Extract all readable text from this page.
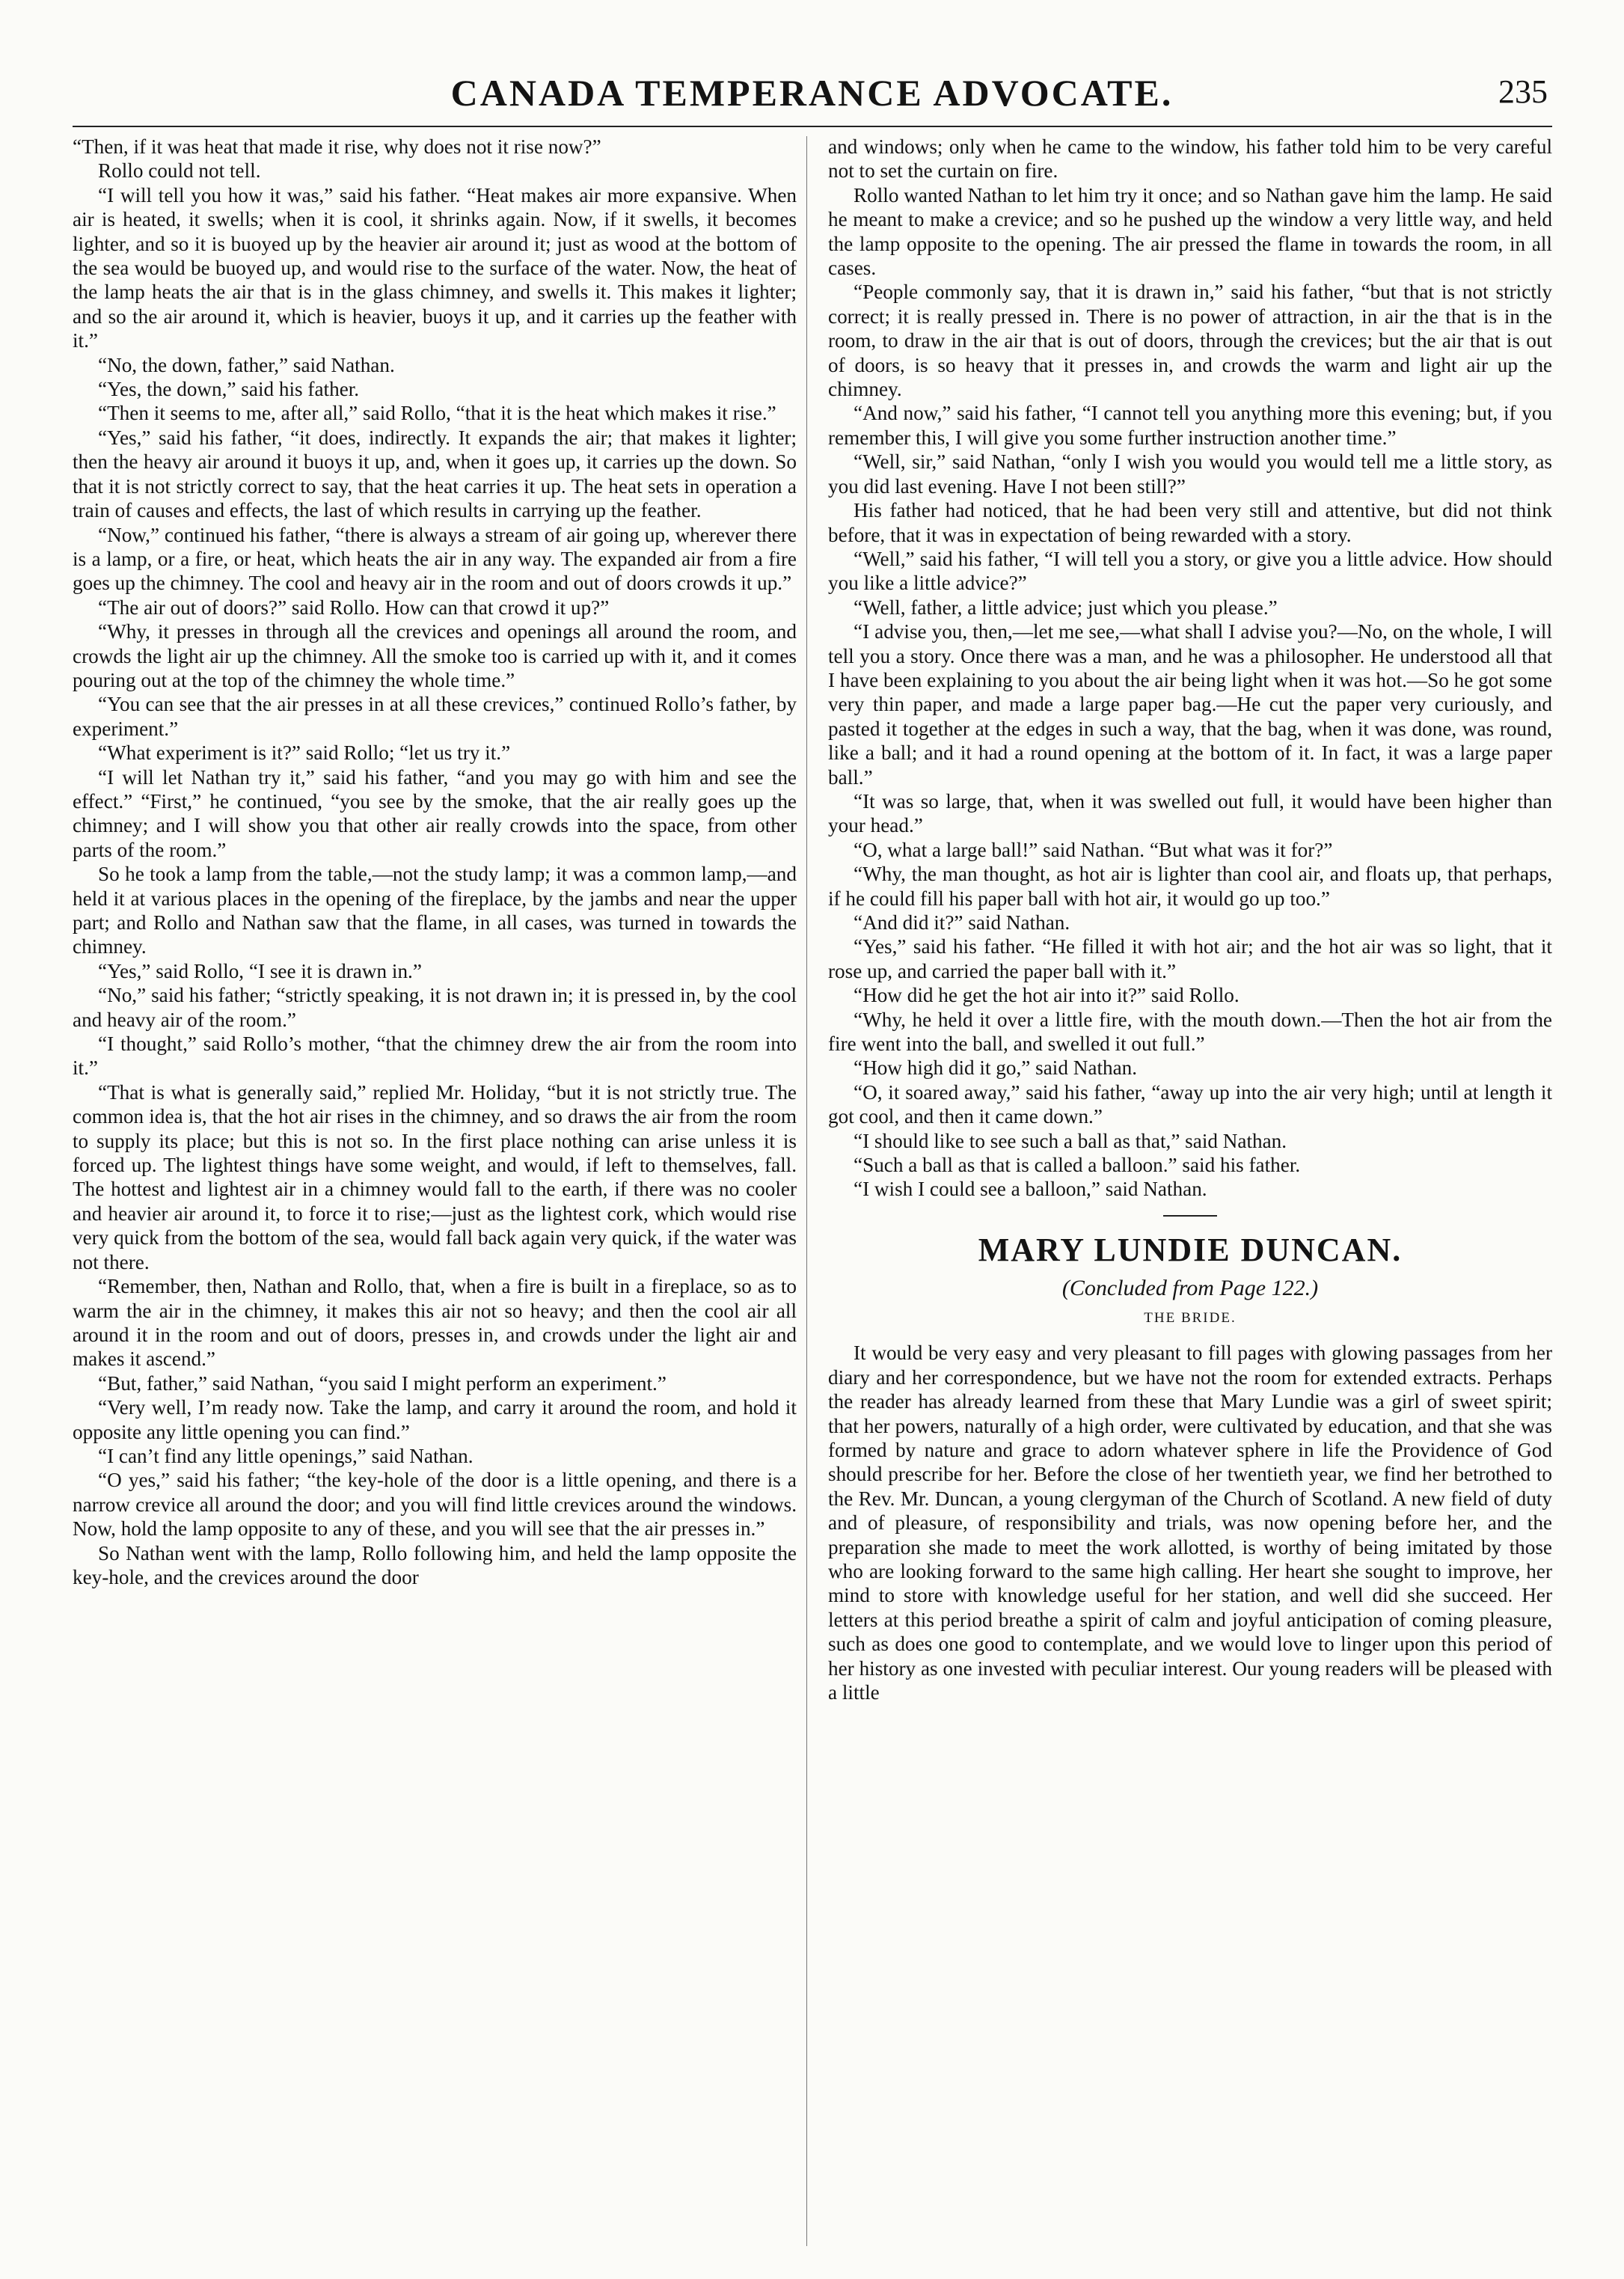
CANADA TEMPERANCE ADVOCATE.	235

“Then, if it was heat that made it rise, why does not it rise now?”

Rollo could not tell.

“I will tell you how it was,” said his father. “Heat makes air more expansive. When air is heated, it swells; when it is cool, it shrinks again. Now, if it swells, it becomes lighter, and so it is buoyed up by the heavier air around it; just as wood at the bottom of the sea would be buoyed up, and would rise to the surface of the water. Now, the heat of the lamp heats the air that is in the glass chimney, and swells it. This makes it lighter; and so the air around it, which is heavier, buoys it up, and it carries up the feather with it.”

“No, the down, father,” said Nathan.

“Yes, the down,” said his father.

“Then it seems to me, after all,” said Rollo, “that it is the heat which makes it rise.”

“Yes,” said his father, “it does, indirectly. It expands the air; that makes it lighter; then the heavy air around it buoys it up, and, when it goes up, it carries up the down. So that it is not strictly correct to say, that the heat carries it up. The heat sets in operation a train of causes and effects, the last of which results in carrying up the feather.

“Now,” continued his father, “there is always a stream of air going up, wherever there is a lamp, or a fire, or heat, which heats the air in any way. The expanded air from a fire goes up the chimney. The cool and heavy air in the room and out of doors crowds it up.”

“The air out of doors?” said Rollo. How can that crowd it up?”

“Why, it presses in through all the crevices and openings all around the room, and crowds the light air up the chimney. All the smoke too is carried up with it, and it comes pouring out at the top of the chimney the whole time.”

“You can see that the air presses in at all these crevices,” continued Rollo’s father, by experiment.”

“What experiment is it?” said Rollo; “let us try it.”

“I will let Nathan try it,” said his father, “and you may go with him and see the effect.” “First,” he continued, “you see by the smoke, that the air really goes up the chimney; and I will show you that other air really crowds into the space, from other parts of the room.”

So he took a lamp from the table,—not the study lamp; it was a common lamp,—and held it at various places in the opening of the fireplace, by the jambs and near the upper part; and Rollo and Nathan saw that the flame, in all cases, was turned in towards the chimney.

“Yes,” said Rollo, “I see it is drawn in.”

“No,” said his father; “strictly speaking, it is not drawn in; it is pressed in, by the cool and heavy air of the room.”

“I thought,” said Rollo’s mother, “that the chimney drew the air from the room into it.”

“That is what is generally said,” replied Mr. Holiday, “but it is not strictly true. The common idea is, that the hot air rises in the chimney, and so draws the air from the room to supply its place; but this is not so. In the first place nothing can arise unless it is forced up. The lightest things have some weight, and would, if left to themselves, fall. The hottest and lightest air in a chimney would fall to the earth, if there was no cooler and heavier air around it, to force it to rise;—just as the lightest cork, which would rise very quick from the bottom of the sea, would fall back again very quick, if the water was not there.

“Remember, then, Nathan and Rollo, that, when a fire is built in a fireplace, so as to warm the air in the chimney, it makes this air not so heavy; and then the cool air all around it in the room and out of doors, presses in, and crowds under the light air and makes it ascend.”

“But, father,” said Nathan, “you said I might perform an experiment.”

“Very well, I’m ready now. Take the lamp, and carry it around the room, and hold it opposite any little opening you can find.”

“I can’t find any little openings,” said Nathan.

“O yes,” said his father; “the key-hole of the door is a little opening, and there is a narrow crevice all around the door; and you will find little crevices around the windows. Now, hold the lamp opposite to any of these, and you will see that the air presses in.”

So Nathan went with the lamp, Rollo following him, and held the lamp opposite the key-hole, and the crevices around the door

and windows; only when he came to the window, his father told him to be very careful not to set the curtain on fire.

Rollo wanted Nathan to let him try it once; and so Nathan gave him the lamp. He said he meant to make a crevice; and so he pushed up the window a very little way, and held the lamp opposite to the opening. The air pressed the flame in towards the room, in all cases.

“People commonly say, that it is drawn in,” said his father, “but that is not strictly correct; it is really pressed in. There is no power of attraction, in air the that is in the room, to draw in the air that is out of doors, through the crevices; but the air that is out of doors, is so heavy that it presses in, and crowds the warm and light air up the chimney.

“And now,” said his father, “I cannot tell you anything more this evening; but, if you remember this, I will give you some further instruction another time.”

“Well, sir,” said Nathan, “only I wish you would you would tell me a little story, as you did last evening. Have I not been still?”

His father had noticed, that he had been very still and attentive, but did not think before, that it was in expectation of being rewarded with a story.

“Well,” said his father, “I will tell you a story, or give you a little advice. How should you like a little advice?”

“Well, father, a little advice; just which you please.”

“I advise you, then,—let me see,—what shall I advise you?—No, on the whole, I will tell you a story. Once there was a man, and he was a philosopher. He understood all that I have been explaining to you about the air being light when it was hot.—So he got some very thin paper, and made a large paper bag.—He cut the paper very curiously, and pasted it together at the edges in such a way, that the bag, when it was done, was round, like a ball; and it had a round opening at the bottom of it. In fact, it was a large paper ball.”

“It was so large, that, when it was swelled out full, it would have been higher than your head.”

“O, what a large ball!” said Nathan. “But what was it for?”

“Why, the man thought, as hot air is lighter than cool air, and floats up, that perhaps, if he could fill his paper ball with hot air, it would go up too.”

“And did it?” said Nathan.

“Yes,” said his father. “He filled it with hot air; and the hot air was so light, that it rose up, and carried the paper ball with it.”

“How did he get the hot air into it?” said Rollo.

“Why, he held it over a little fire, with the mouth down.—Then the hot air from the fire went into the ball, and swelled it out full.”

“How high did it go,” said Nathan.

“O, it soared away,” said his father, “away up into the air very high; until at length it got cool, and then it came down.”

“I should like to see such a ball as that,” said Nathan.

“Such a ball as that is called a balloon.” said his father.

“I wish I could see a balloon,” said Nathan.

MARY LUNDIE DUNCAN.
(Concluded from Page 122.)
THE BRIDE.

It would be very easy and very pleasant to fill pages with glowing passages from her diary and her correspondence, but we have not the room for extended extracts. Perhaps the reader has already learned from these that Mary Lundie was a girl of sweet spirit; that her powers, naturally of a high order, were cultivated by education, and that she was formed by nature and grace to adorn whatever sphere in life the Providence of God should prescribe for her. Before the close of her twentieth year, we find her betrothed to the Rev. Mr. Duncan, a young clergyman of the Church of Scotland. A new field of duty and of pleasure, of responsibility and trials, was now opening before her, and the preparation she made to meet the work allotted, is worthy of being imitated by those who are looking forward to the same high calling. Her heart she sought to improve, her mind to store with knowledge useful for her station, and well did she succeed. Her letters at this period breathe a spirit of calm and joyful anticipation of coming pleasure, such as does one good to contemplate, and we would love to linger upon this period of her history as one invested with peculiar interest. Our young readers will be pleased with a little
